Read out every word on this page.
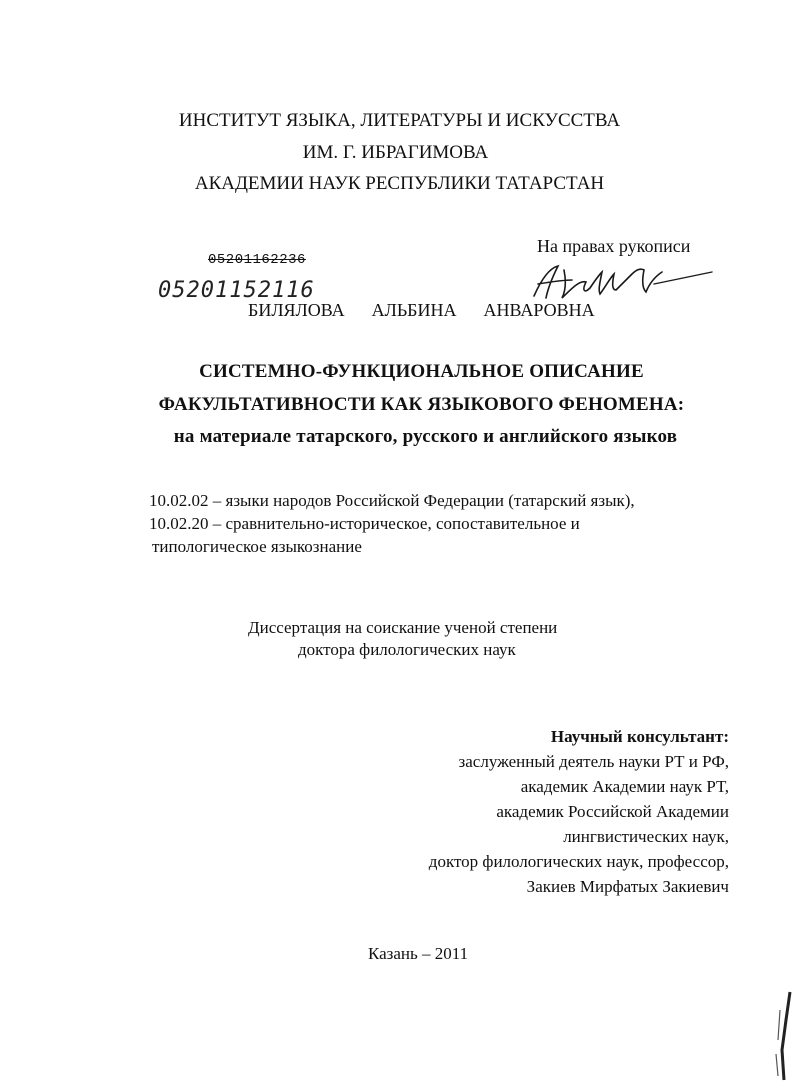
ИНСТИТУТ ЯЗЫКА, ЛИТЕРАТУРЫ И ИСКУССТВА
ИМ. Г. ИБРАГИМОВА
АКАДЕМИИ НАУК РЕСПУБЛИКИ ТАТАРСТАН
На правах рукописи
05201162236
05201152116
БИЛЯЛОВА АЛЬБИНА АНВАРОВНА
СИСТЕМНО-ФУНКЦИОНАЛЬНОЕ ОПИСАНИЕ
ФАКУЛЬТАТИВНОСТИ КАК ЯЗЫКОВОГО ФЕНОМЕНА:
на материале татарского, русского и английского языков
10.02.02 – языки народов Российской Федерации (татарский язык),
10.02.20 – сравнительно-историческое, сопоставительное и
типологическое языкознание
Диссертация на соискание ученой степени
доктора филологических наук
Научный консультант:
заслуженный деятель науки РТ и РФ,
академик Академии наук РТ,
академик Российской Академии
лингвистических наук,
доктор филологических наук, профессор,
Закиев Мирфатых Закиевич
Казань – 2011
